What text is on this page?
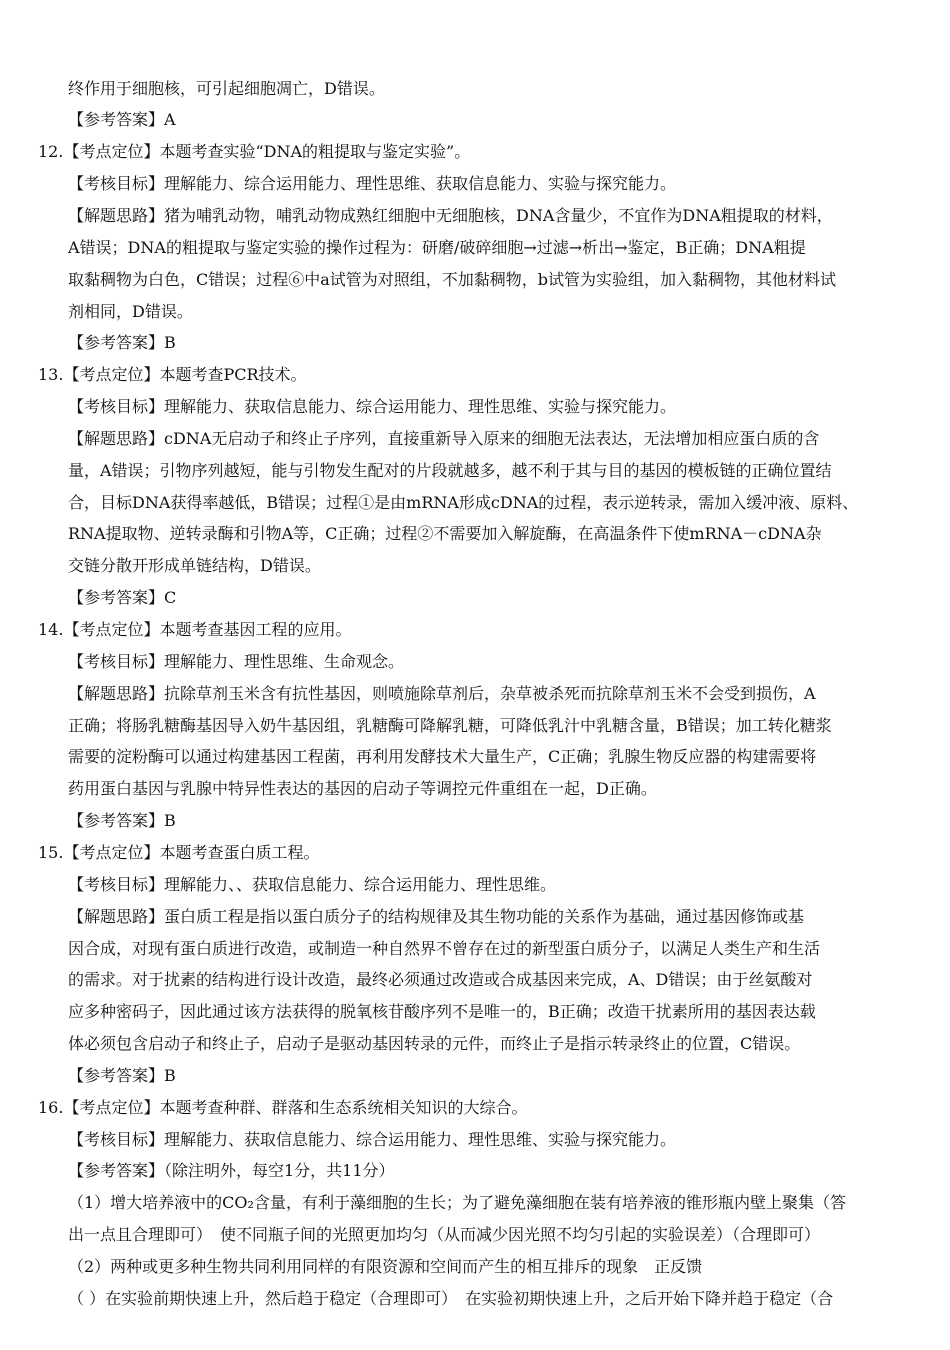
终作用于细胞核，可引起细胞凋亡，D错误。
【参考答案】A
12.【考点定位】本题考查实验“DNA的粗提取与鉴定实验”。
【考核目标】理解能力、综合运用能力、理性思维、获取信息能力、实验与探究能力。
【解题思路】猪为哺乳动物，哺乳动物成熟红细胞中无细胞核，DNA含量少，不宜作为DNA粗提取的材料，
A错误；DNA的粗提取与鉴定实验的操作过程为：研磨/破碎细胞→过滤→析出→鉴定，B正确；DNA粗提
取黏稠物为白色，C错误；过程⑥中a试管为对照组，不加黏稠物，b试管为实验组，加入黏稠物，其他材料试
剂相同，D错误。
【参考答案】B
13.【考点定位】本题考查PCR技术。
【考核目标】理解能力、获取信息能力、综合运用能力、理性思维、实验与探究能力。
【解题思路】cDNA无启动子和终止子序列，直接重新导入原来的细胞无法表达，无法增加相应蛋白质的含
量，A错误；引物序列越短，能与引物发生配对的片段就越多，越不利于其与目的基因的模板链的正确位置结
合，目标DNA获得率越低，B错误；过程①是由mRNA形成cDNA的过程，表示逆转录，需加入缓冲液、原料、
RNA提取物、逆转录酶和引物A等，C正确；过程②不需要加入解旋酶，在高温条件下使mRNA－cDNA杂
交链分散开形成单链结构，D错误。
【参考答案】C
14.【考点定位】本题考查基因工程的应用。
【考核目标】理解能力、理性思维、生命观念。
【解题思路】抗除草剂玉米含有抗性基因，则喷施除草剂后，杂草被杀死而抗除草剂玉米不会受到损伤，A
正确；将肠乳糖酶基因导入奶牛基因组，乳糖酶可降解乳糖，可降低乳汁中乳糖含量，B错误；加工转化糖浆
需要的淀粉酶可以通过构建基因工程菌，再利用发酵技术大量生产，C正确；乳腺生物反应器的构建需要将
药用蛋白基因与乳腺中特异性表达的基因的启动子等调控元件重组在一起，D正确。
【参考答案】B
15.【考点定位】本题考查蛋白质工程。
【考核目标】理解能力、、获取信息能力、综合运用能力、理性思维。
【解题思路】蛋白质工程是指以蛋白质分子的结构规律及其生物功能的关系作为基础，通过基因修饰或基
因合成，对现有蛋白质进行改造，或制造一种自然界不曾存在过的新型蛋白质分子，以满足人类生产和生活
的需求。对于扰素的结构进行设计改造，最终必须通过改造或合成基因来完成，A、D错误；由于丝氨酸对
应多种密码子，因此通过该方法获得的脱氧核苷酸序列不是唯一的，B正确；改造干扰素所用的基因表达载
体必须包含启动子和终止子，启动子是驱动基因转录的元件，而终止子是指示转录终止的位置，C错误。
【参考答案】B
16.【考点定位】本题考查种群、群落和生态系统相关知识的大综合。
【考核目标】理解能力、获取信息能力、综合运用能力、理性思维、实验与探究能力。
【参考答案】（除注明外，每空1分，共11分）
（1）增大培养液中的CO₂含量，有利于藻细胞的生长；为了避免藻细胞在装有培养液的锥形瓶内壁上聚集（答
出一点且合理即可）　使不同瓶子间的光照更加均匀（从而减少因光照不均匀引起的实验误差）（合理即可）
（2）两种或更多种生物共同利用同样的有限资源和空间而产生的相互排斥的现象　正反馈
（ ）在实验前期快速上升，然后趋于稳定（合理即可）　在实验初期快速上升，之后开始下降并趋于稳定（合
